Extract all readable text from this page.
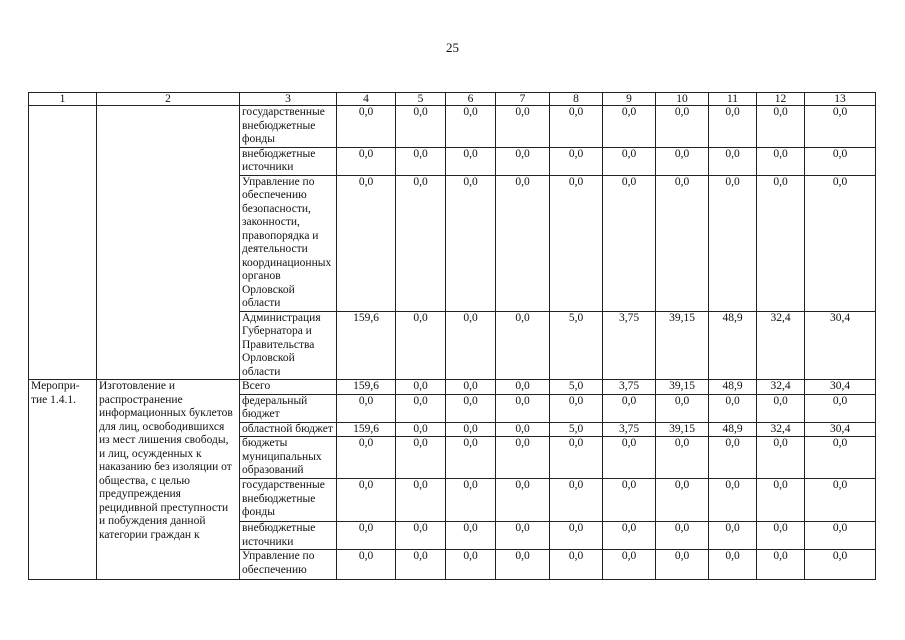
25
1	2	3	4	5	6	7	8	9	10	11	12	13
		государственные внебюджетные фонды	0,0	0,0	0,0	0,0	0,0	0,0	0,0	0,0	0,0	0,0
		внебюджетные источники	0,0	0,0	0,0	0,0	0,0	0,0	0,0	0,0	0,0	0,0
		Управление по обеспечению безопасности, законности, правопорядка и деятельности координационных органов Орловской области	0,0	0,0	0,0	0,0	0,0	0,0	0,0	0,0	0,0	0,0
		Администрация Губернатора и Правительства Орловской области	159,6	0,0	0,0	0,0	5,0	3,75	39,15	48,9	32,4	30,4
Меропри-тие 1.4.1.	Изготовление и распространение информационных буклетов для лиц, освободившихся из мест лишения свободы, и лиц, осужденных к наказанию без изоляции от общества, с целью предупреждения рецидивной преступности и побуждения данной категории граждан к	Всего	159,6	0,0	0,0	0,0	5,0	3,75	39,15	48,9	32,4	30,4
		федеральный бюджет	0,0	0,0	0,0	0,0	0,0	0,0	0,0	0,0	0,0	0,0
		областной бюджет	159,6	0,0	0,0	0,0	5,0	3,75	39,15	48,9	32,4	30,4
		бюджеты муниципальных образований	0,0	0,0	0,0	0,0	0,0	0,0	0,0	0,0	0,0	0,0
		государственные внебюджетные фонды	0,0	0,0	0,0	0,0	0,0	0,0	0,0	0,0	0,0	0,0
		внебюджетные источники	0,0	0,0	0,0	0,0	0,0	0,0	0,0	0,0	0,0	0,0
		Управление по обеспечению	0,0	0,0	0,0	0,0	0,0	0,0	0,0	0,0	0,0	0,0
